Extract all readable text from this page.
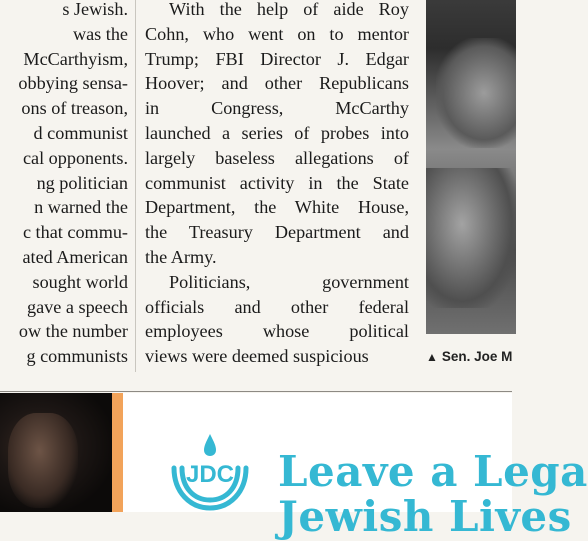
s Jewish.
was the
McCarthyism,
obbying sensa-
ons of treason,
d communist
cal opponents.
ng politician
n warned the
c that commu-
ated American
sought world
gave a speech
ow the number
g communists
With the help of aide Roy
Cohn, who went on to mentor
Trump; FBI Director J. Edgar
Hoover; and other Republicans
in Congress, McCarthy
launched a series of probes into
largely baseless allegations of
communist activity in the State
Department, the White House,
the Treasury Department and
the Army.
Politicians, government
officials and other federal
employees whose political
views were deemed suspicious	▲ Sen. Joe M
JDC Leave a Lega
Jewish Lives
